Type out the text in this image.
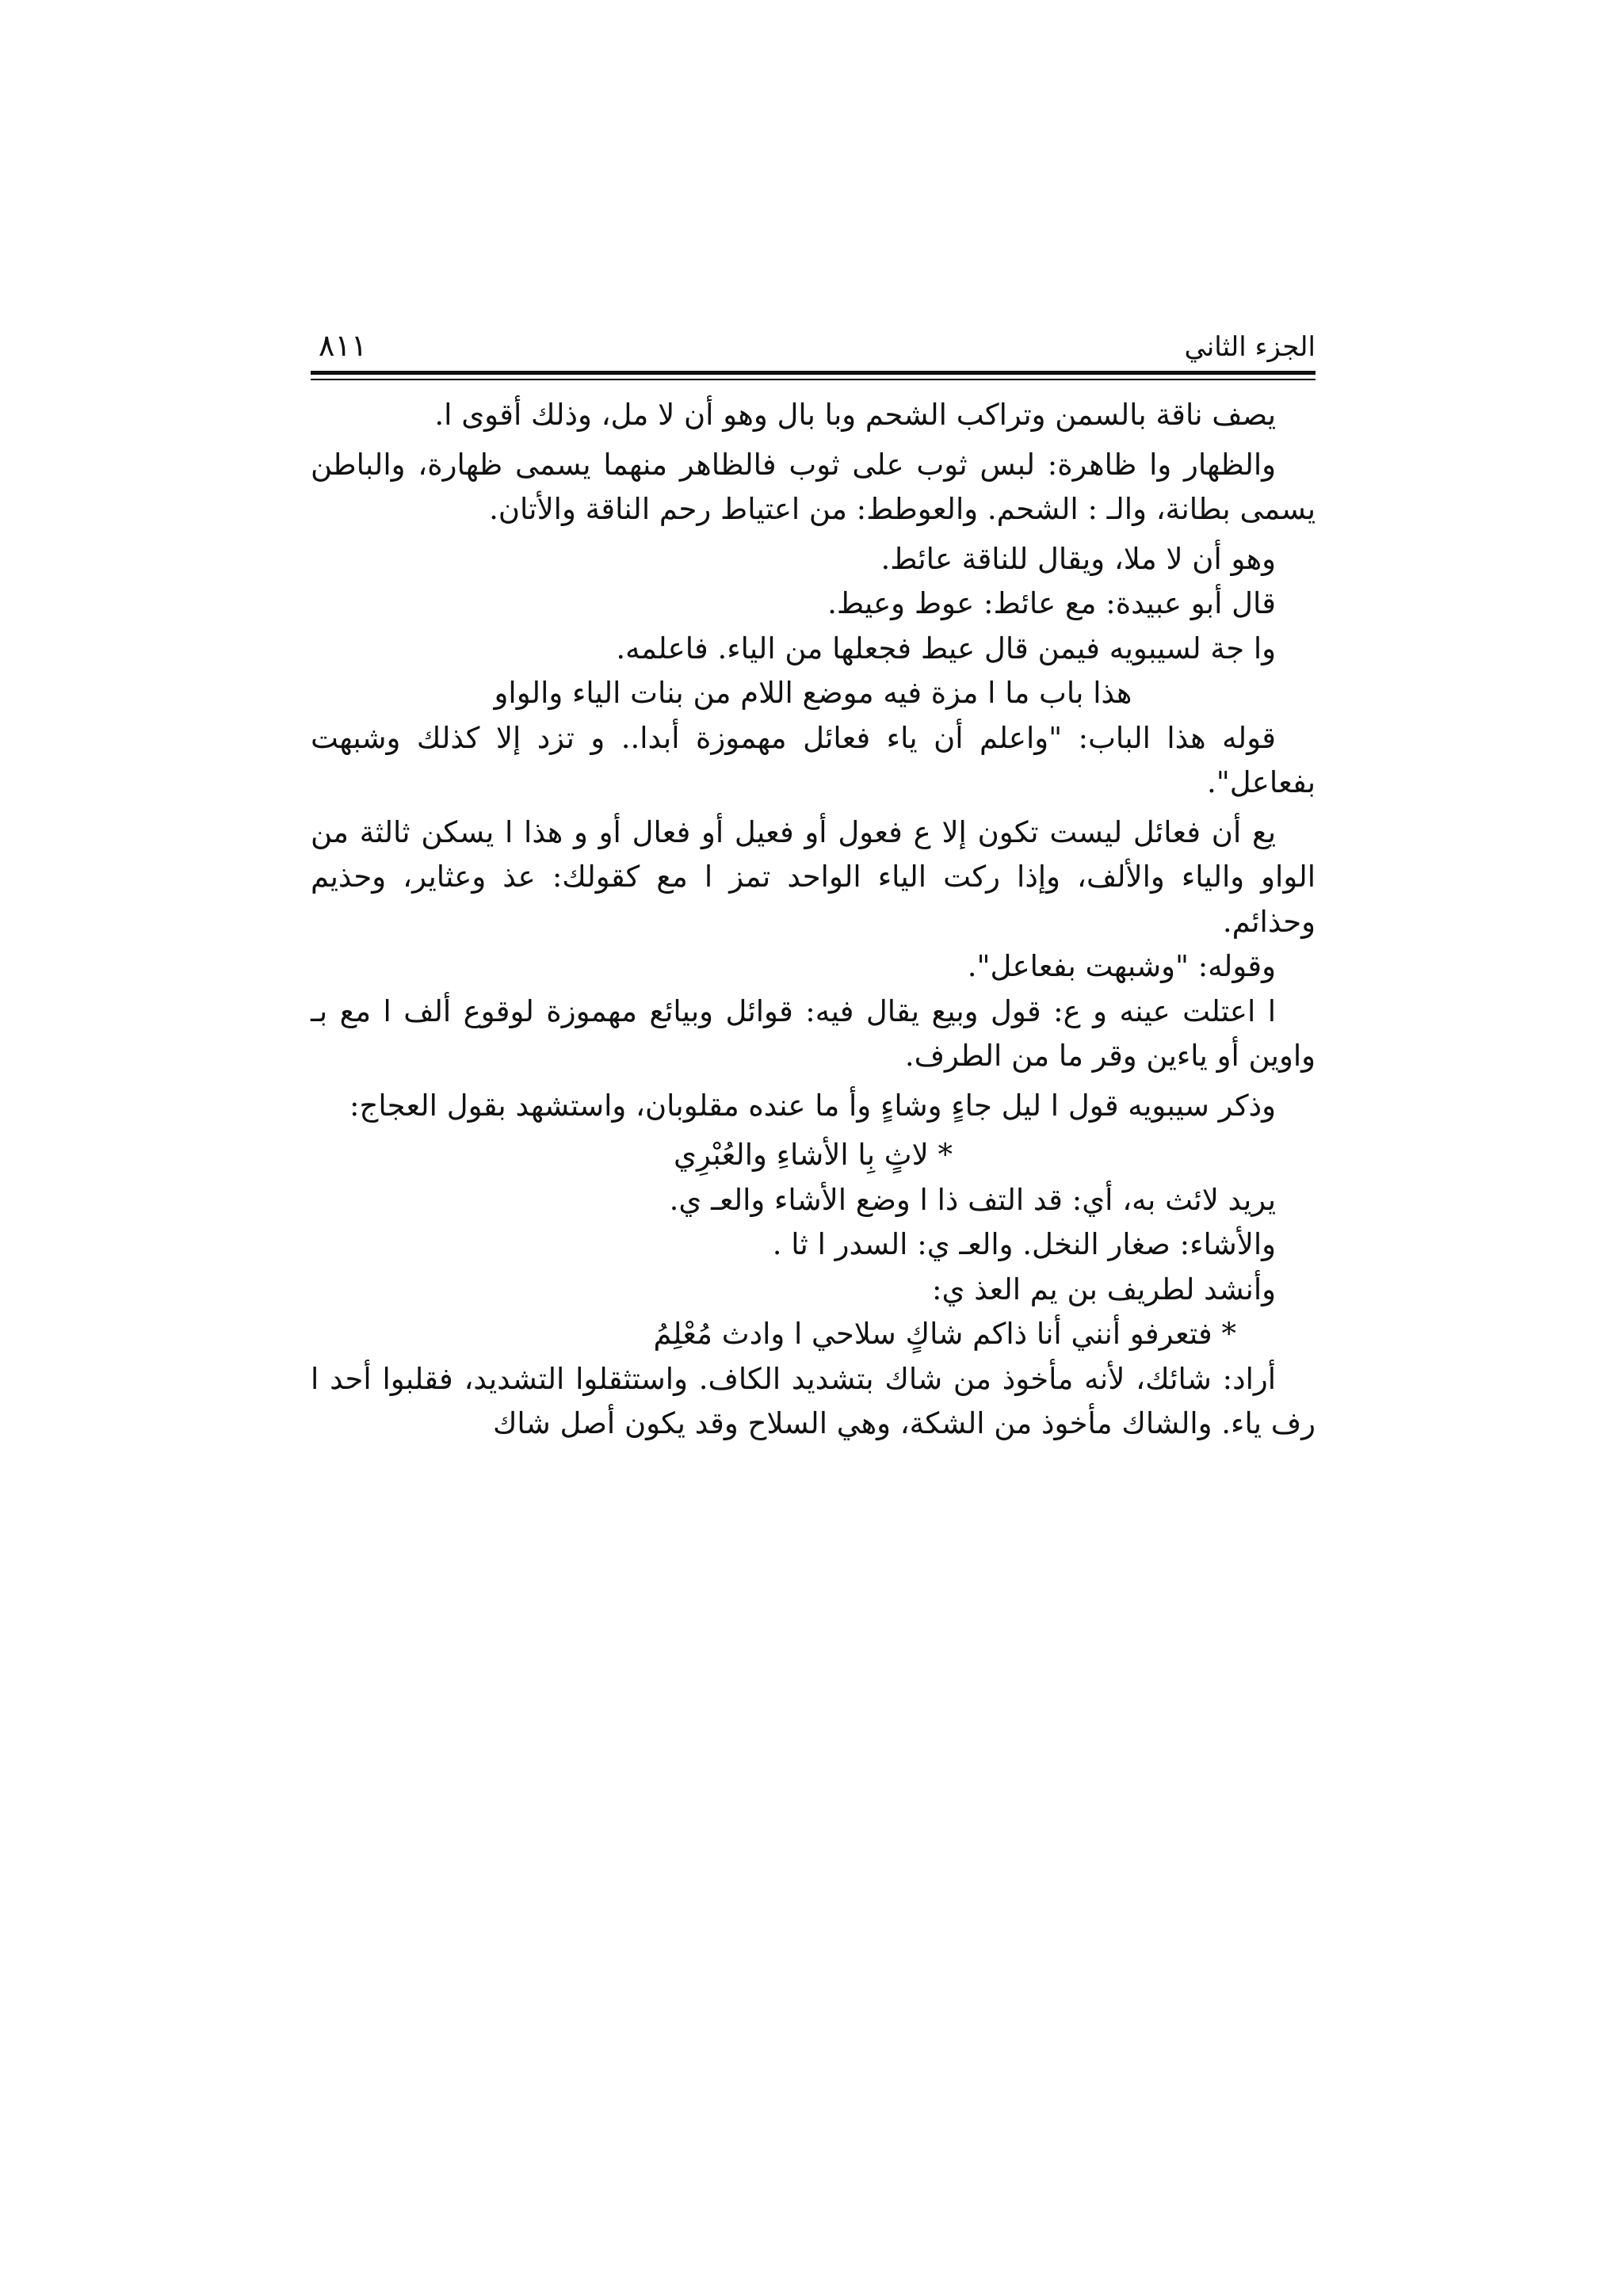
الجزء الثاني
٨١١

يصف ناقة بالسمن وتراكب الشحم وبا بال وهو أن لا مل، وذلك أقوى ا.

والظهار وا ظاهرة: لبس ثوب على ثوب فالظاهر منهما يسمى ظهارة، والباطن يسمى بطانة، والـ : الشحم. والعوطط: من اعتياط رحم الناقة والأتان.

وهو أن لا ملا، ويقال للناقة عائط.

قال أبو عبيدة: مع عائط: عوط وعيط.

وا جة لسيبويه فيمن قال عيط فجعلها من الياء. فاعلمه.

هذا باب ما ا مزة فيه موضع اللام من بنات الياء والواو

قوله هذا الباب: "واعلم أن ياء فعائل مهموزة أبدا.. و تزد إلا كذلك وشبهت بفعاعل".

يع أن فعائل ليست تكون إلا ع فعول أو فعيل أو فعال أو و هذا ا يسكن ثالثة من الواو والياء والألف، وإذا ركت الياء الواحد تمز ا مع كقولك: عذ وعثاير، وحذيم وحذائم.

وقوله: "وشبهت بفعاعل".

ا اعتلت عينه و ع: قول وبيع يقال فيه: قوائل وبيائع مهموزة لوقوع ألف ا مع بـ واوين أو ياءين وقر ما من الطرف.

وذكر سيبويه قول ا ليل جاءٍ وشاءٍ وأ ما عنده مقلوبان، واستشهد بقول العجاج:

* لاثٍ بِا الأشاءِ والعُبْرِي

يريد لائث به، أي: قد التف ذا ا وضع الأشاء والعـ ي.

والأشاء: صغار النخل. والعـ ي: السدر ا ثا .

وأنشد لطريف بن يم العذ ي:

* فتعرفو أنني أنا ذاكم شاكٍ سلاحي ا وادث مُعْلِمُ

أراد: شائك، لأنه مأخوذ من شاك بتشديد الكاف. واستثقلوا التشديد، فقلبوا أحد ا رف ياء. والشاك مأخوذ من الشكة، وهي السلاح وقد يكون أصل شاك
